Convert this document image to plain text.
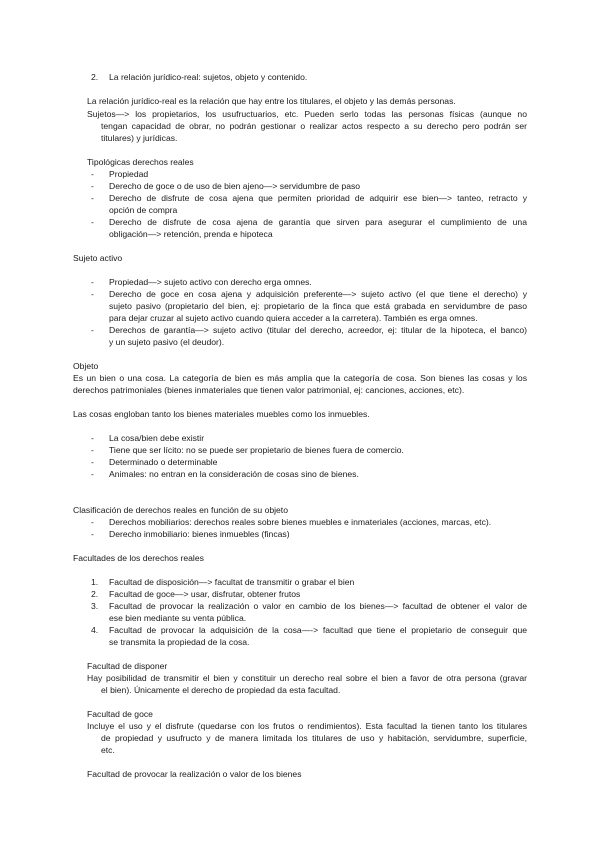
2. La relación jurídico-real: sujetos, objeto y contenido.
La relación jurídico-real es la relación que hay entre los titulares, el objeto y las demás personas.
Sujetos—> los propietarios, los usufructuarios, etc. Pueden serlo todas las personas físicas (aunque no
tengan capacidad de obrar, no podrán gestionar o realizar actos respecto a su derecho pero podrán ser
titulares) y jurídicas.
Tipológicas derechos reales
- Propiedad
- Derecho de goce o de uso de bien ajeno—> servidumbre de paso
- Derecho de disfrute de cosa ajena que permiten prioridad de adquirir ese bien—> tanteo, retracto y
opción de compra
- Derecho de disfrute de cosa ajena de garantía que sirven para asegurar el cumplimiento de una
obligación—> retención, prenda e hipoteca
Sujeto activo
- Propiedad—> sujeto activo con derecho erga omnes.
- Derecho de goce en cosa ajena y adquisición preferente—> sujeto activo (el que tiene el derecho) y
sujeto pasivo (propietario del bien, ej: propietario de la finca que está grabada en servidumbre de paso
para dejar cruzar al sujeto activo cuando quiera acceder a la carretera). También es erga omnes.
- Derechos de garantía—> sujeto activo (titular del derecho, acreedor, ej: titular de la hipoteca, el banco)
y un sujeto pasivo (el deudor).
Objeto
Es un bien o una cosa. La categoría de bien es más amplia que la categoría de cosa. Son bienes las cosas y los
derechos patrimoniales (bienes inmateriales que tienen valor patrimonial, ej: canciones, acciones, etc).
Las cosas engloban tanto los bienes materiales muebles como los inmuebles.
- La cosa/bien debe existir
- Tiene que ser lícito: no se puede ser propietario de bienes fuera de comercio.
- Determinado o determinable
- Animales: no entran en la consideración de cosas sino de bienes.
Clasificación de derechos reales en función de su objeto
- Derechos mobiliarios: derechos reales sobre bienes muebles e inmateriales (acciones, marcas, etc).
- Derecho inmobiliario: bienes inmuebles (fincas)
Facultades de los derechos reales
1. Facultad de disposición—> facultat de transmitir o grabar el bien
2. Facultad de goce—> usar, disfrutar, obtener frutos
3. Facultad de provocar la realización o valor en cambio de los bienes—> facultad de obtener el valor de
ese bien mediante su venta pública.
4. Facultad de provocar la adquisición de la cosa—-> facultad que tiene el propietario de conseguir que
se transmita la propiedad de la cosa.
Facultad de disponer
Hay posibilidad de transmitir el bien y constituir un derecho real sobre el bien a favor de otra persona (gravar
el bien). Únicamente el derecho de propiedad da esta facultad.
Facultad de goce
Incluye el uso y el disfrute (quedarse con los frutos o rendimientos). Esta facultad la tienen tanto los titulares
de propiedad y usufructo y de manera limitada los titulares de uso y habitación, servidumbre, superficie,
etc.
Facultad de provocar la realización o valor de los bienes
